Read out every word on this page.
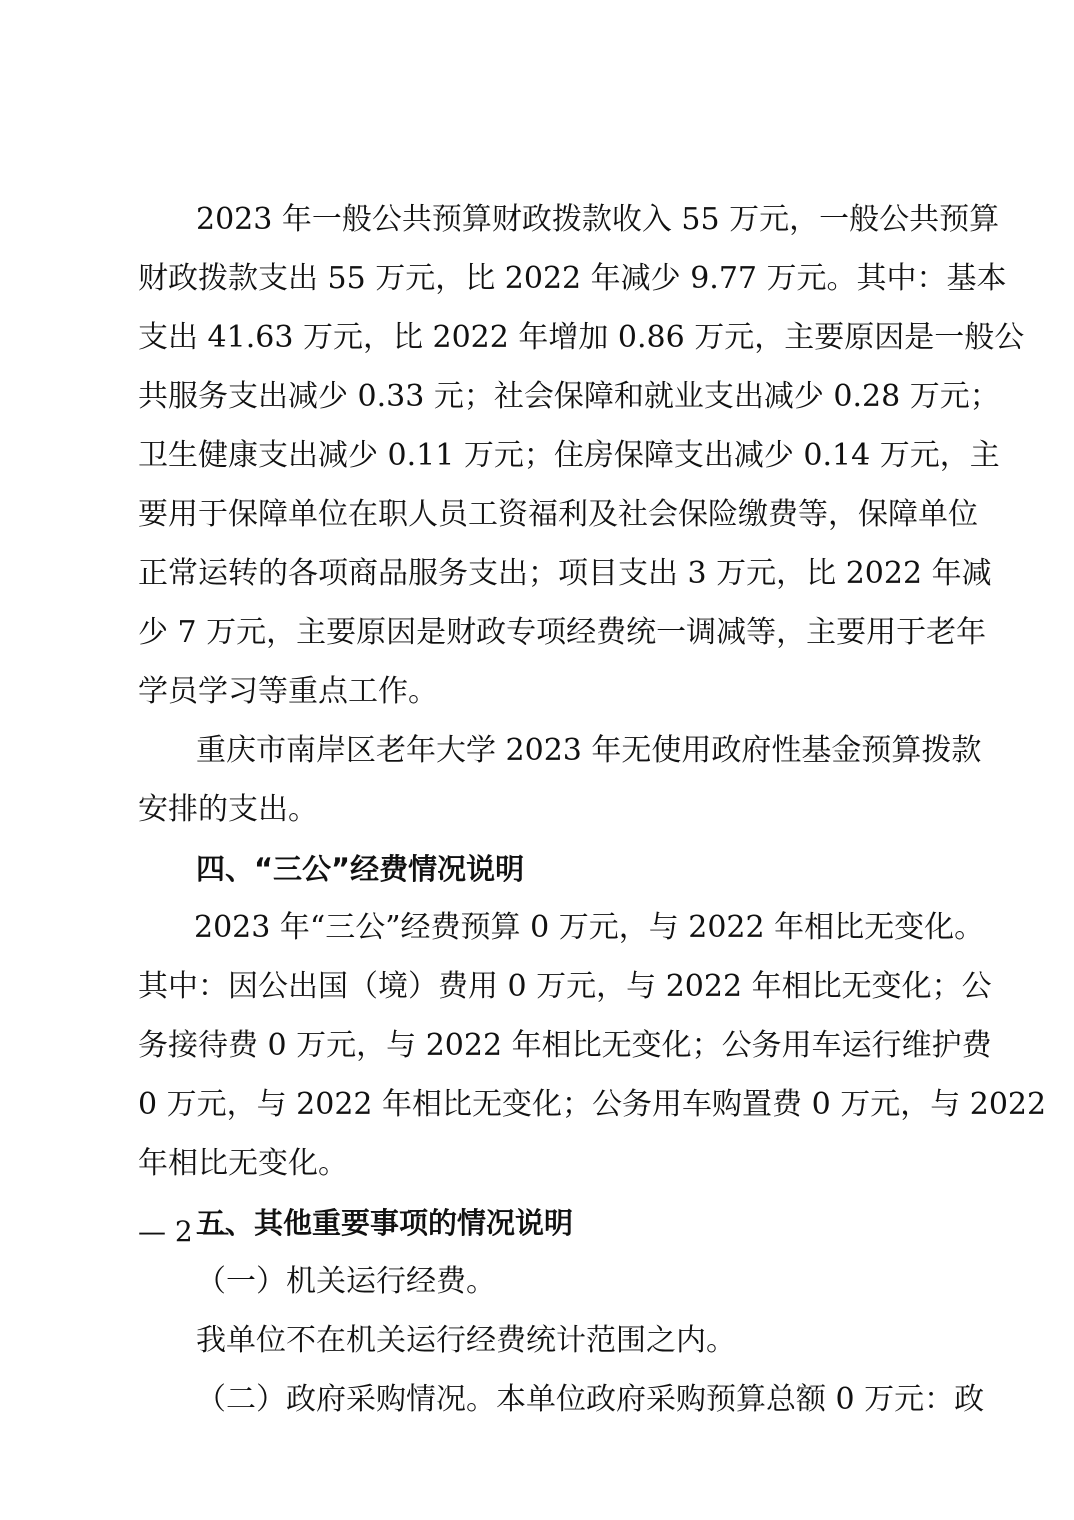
2023 年一般公共预算财政拨款收入 55 万元，一般公共预算
财政拨款支出 55 万元，比 2022 年减少 9.77 万元。其中：基本
支出 41.63 万元，比 2022 年增加 0.86 万元，主要原因是一般公
共服务支出减少 0.33 元；社会保障和就业支出减少 0.28 万元；
卫生健康支出减少 0.11 万元；住房保障支出减少 0.14 万元，主
要用于保障单位在职人员工资福利及社会保险缴费等，保障单位
正常运转的各项商品服务支出；项目支出 3 万元，比 2022 年减
少 7 万元，主要原因是财政专项经费统一调减等，主要用于老年
学员学习等重点工作。
重庆市南岸区老年大学 2023 年无使用政府性基金预算拨款
安排的支出。
四、“三公”经费情况说明
2023 年“三公”经费预算 0 万元，与 2022 年相比无变化。
其中：因公出国（境）费用 0 万元，与 2022 年相比无变化；公
务接待费 0 万元，与 2022 年相比无变化；公务用车运行维护费
0 万元，与 2022 年相比无变化；公务用车购置费 0 万元，与 2022
年相比无变化。
五、其他重要事项的情况说明
（一）机关运行经费。
我单位不在机关运行经费统计范围之内。
（二）政府采购情况。本单位政府采购预算总额 0 万元：政
— 2 —
